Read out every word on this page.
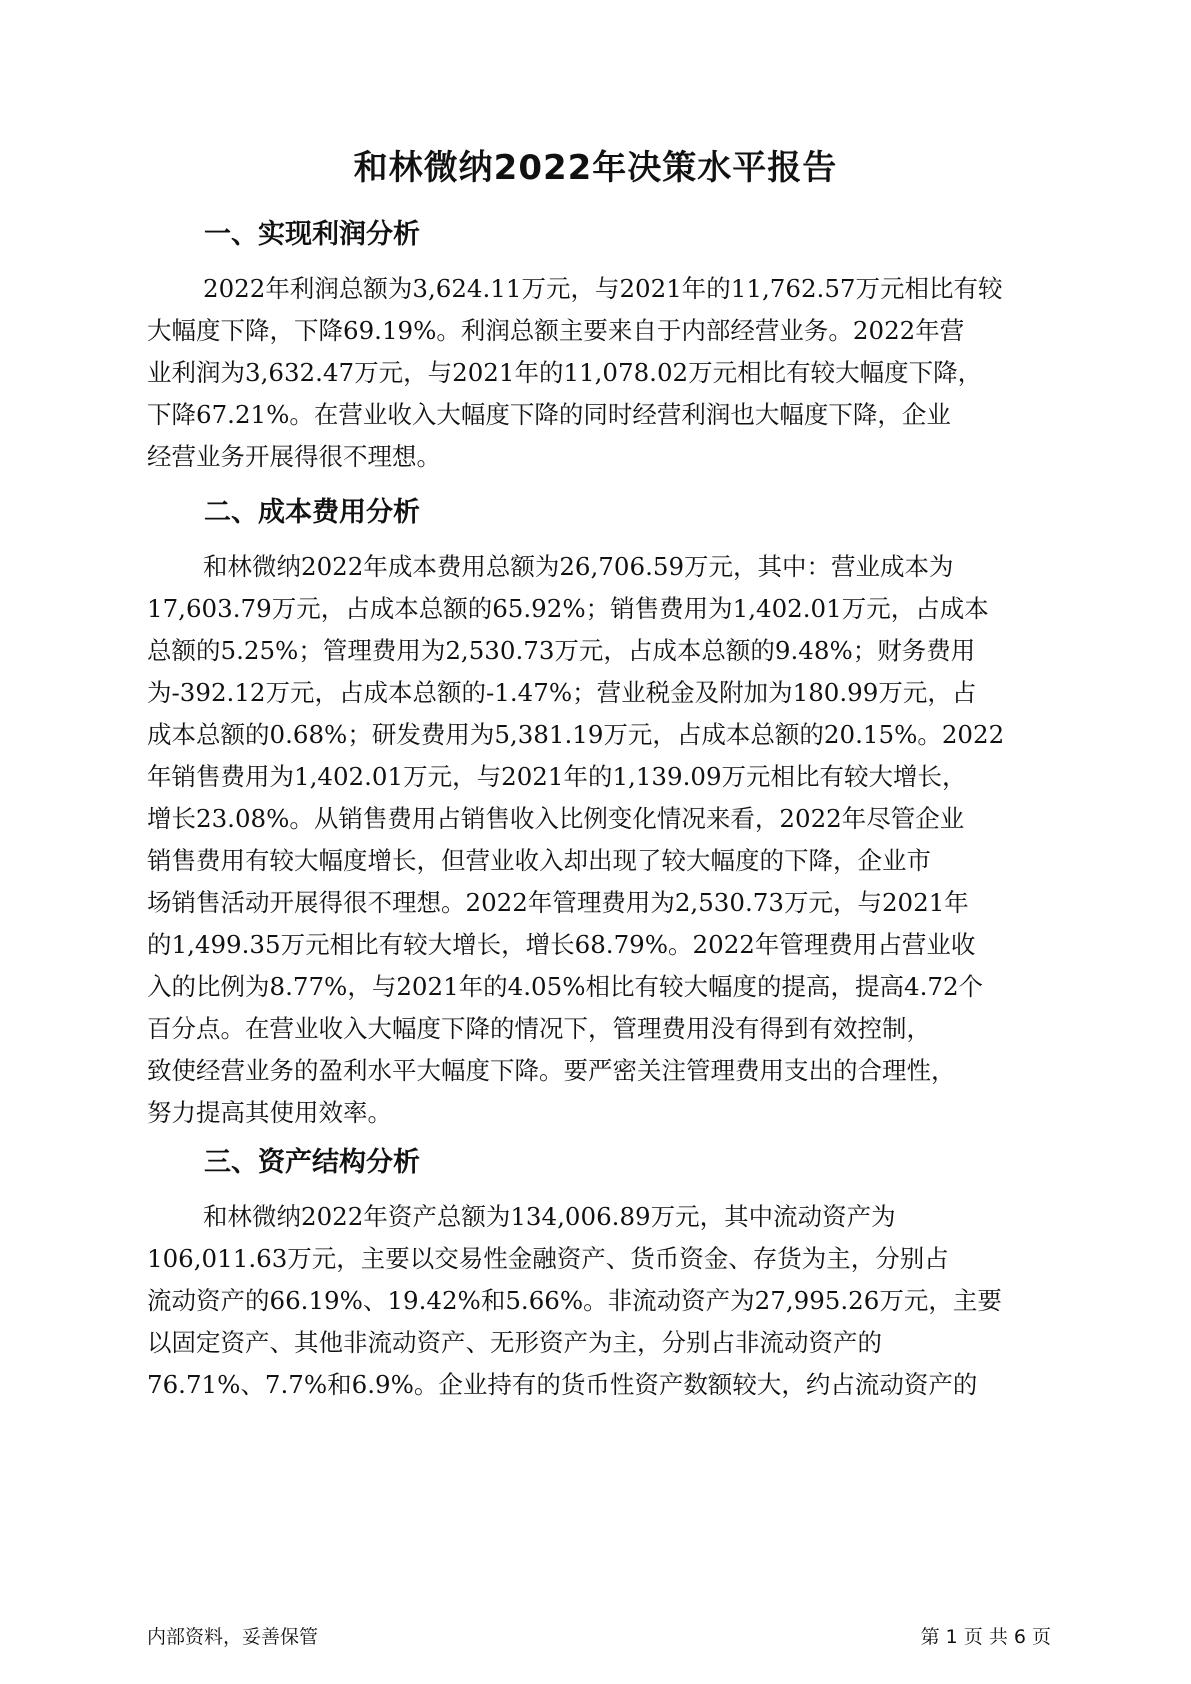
和林微纳2022年决策水平报告
一、实现利润分析
2022年利润总额为3,624.11万元，与2021年的11,762.57万元相比有较
大幅度下降，下降69.19%。利润总额主要来自于内部经营业务。2022年营
业利润为3,632.47万元，与2021年的11,078.02万元相比有较大幅度下降，
下降67.21%。在营业收入大幅度下降的同时经营利润也大幅度下降，企业
经营业务开展得很不理想。
二、成本费用分析
和林微纳2022年成本费用总额为26,706.59万元，其中：营业成本为
17,603.79万元，占成本总额的65.92%；销售费用为1,402.01万元，占成本
总额的5.25%；管理费用为2,530.73万元，占成本总额的9.48%；财务费用
为-392.12万元，占成本总额的-1.47%；营业税金及附加为180.99万元，占
成本总额的0.68%；研发费用为5,381.19万元，占成本总额的20.15%。2022
年销售费用为1,402.01万元，与2021年的1,139.09万元相比有较大增长，
增长23.08%。从销售费用占销售收入比例变化情况来看，2022年尽管企业
销售费用有较大幅度增长，但营业收入却出现了较大幅度的下降，企业市
场销售活动开展得很不理想。2022年管理费用为2,530.73万元，与2021年
的1,499.35万元相比有较大增长，增长68.79%。2022年管理费用占营业收
入的比例为8.77%，与2021年的4.05%相比有较大幅度的提高，提高4.72个
百分点。在营业收入大幅度下降的情况下，管理费用没有得到有效控制，
致使经营业务的盈利水平大幅度下降。要严密关注管理费用支出的合理性，
努力提高其使用效率。
三、资产结构分析
和林微纳2022年资产总额为134,006.89万元，其中流动资产为
106,011.63万元，主要以交易性金融资产、货币资金、存货为主，分别占
流动资产的66.19%、19.42%和5.66%。非流动资产为27,995.26万元，主要
以固定资产、其他非流动资产、无形资产为主，分别占非流动资产的
76.71%、7.7%和6.9%。企业持有的货币性资产数额较大，约占流动资产的
内部资料，妥善保管	第 1 页 共 6 页
